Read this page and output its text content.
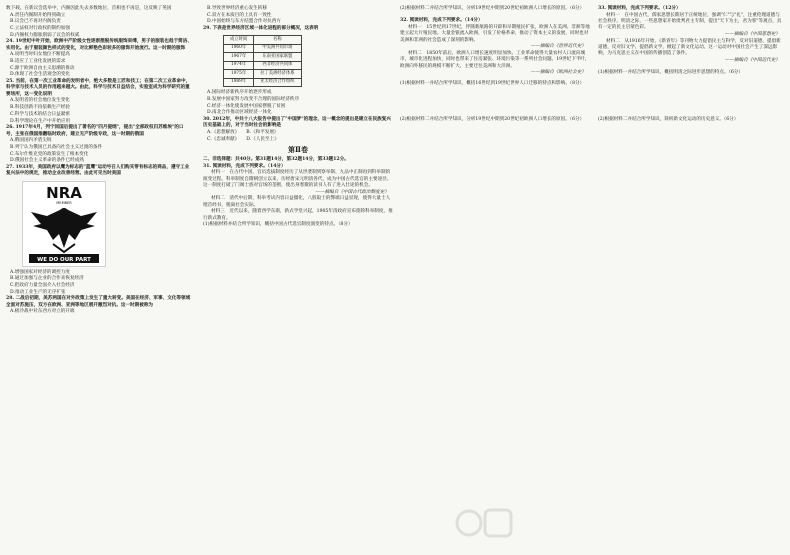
数下载。在新议会选举中，内阁因此失去多数地位，首相也不再是，这反映了英国

A.责任内阁制开始得到确立

B.议会已不再对内阁负责

C.立法权对行政权的制约加强

D.内阁权力膨胀削弱了议会的权威

24. 19世纪中叶开始，欧洲中产阶级女性逐渐摆脱传统服饰束缚，男子的服装也趋于简洁、实用化。由于服装颜色样式的变化，对比鲜艳色彩较多的服饰开始流行。这一时期的服饰

A.说明当时妇女地位不断提高

B.适应了工业化发展的需求

C.源于欧洲自由主义思潮的推动

D.体现了社会生活观念的变化

25. 当前，在第一次工业革命的发明者中，绝大多数是工匠和技工；在第二次工业革命中，科学家与技术人员的作用越来越大。由此，科学与技术日益结合，实验室成为科学研究的重要场所，这一变化说明

A.发明者的社会地位发生变化

B.科技创新不再依赖生产经验

C.科学与技术的结合日益紧密

D.科学理论在生产中开始应用

26. 1917年4月，列宁回国后提出了著名的"四月提纲"，提出"全部政权归苏维埃"的口号，主张在俄国推翻临时政府，建立无产阶级专政，这一时期的俄国

A.俄国国内矛盾尖锐

B.列宁认为俄国已具备向社会主义过渡的条件

C.布尔什维克党的政策发生了根本变化

D.俄国社会主义革命的条件已经成熟

27. 1933年，美国政府以鹰为标志的"蓝鹰"运动号召人们购买带有标志的商品，遵守工业复兴法中的规定，推动企业改善经营。由此可见当时美国

NRA
MEMBER
WE DO OUR PART

A.增强国家对经济的调控力度

B.通过加强与企业的合作来恢复经济

C.把政府力量全面介入社会经济

D.推动工业生产的无序扩张

28. 二战后初期，美苏两国在对外政策上发生了重大转变。美国在经济、军事、文化等领域全面对苏施压，双方在欧洲、亚洲等地区展开激烈对抗。这一时期被称为

A.极冷战中对东西方对立的开端

B.导致世界经济重心发生转移

C.双方在本质目的上具有一致性

D.中国始终与东方结盟合作对抗西方

29. 下表是世界经济区域一体化进程的部分概况，这表明

成立时间	名称
1960年	中美洲共同市场
1967年	东南亚国家联盟
1974年	西非经济共同体
1975年	拉丁美洲经济体系
1989年	亚太经济合作组织

A.国际经济新秩序开始逐步形成

B.发展中国家努力改变不合理的国际经济秩序

C.经济一体化使发展中国家摆脱了贫困

D.南北合作推动区域经济一体化

30. 2012年，中共十八大报告中提出了"中国梦"的理念，这一概念的提出是建立在民族复兴历史基础上的，对于当时社会的影响是

A.《思想解放》　　B.《和平发展》

C.《忠诚奉献》　　D.《人民至上》

第Ⅱ卷

二、非选择题：共40分。第31题14分，第32题14分，第33题12分。

31. 阅读材料，完成下列要求。（14分）

材料一　在古代中国，官员选拔制度经历了从世袭制到察举制、九品中正制再到科举制的演变过程。科举制度自隋朝创立以来，历经唐宋元明清各代，成为中国古代选官的主要途径。这一制度打破了门阀士族对官场的垄断，使出身寒微的读书人有了进入仕途的机会。

——摘编自《中国古代政治制度史》

材料二　清代中后期，科举考试内容日益僵化，八股取士的弊端日益显现，使得大量士人埋首经书，脱离社会实际。

材料三　近代以来，随着西学东渐，新式学堂兴起，1905年清政府宣布废除科举制度，推行新式教育。

(1)根据材料并结合所学知识，概括中国古代选官制度演变的特点。（8分）

(2)根据材料二并结合所学知识，分析19世纪中期到20世纪初欧洲人口增长的原因。（6分）

32. 阅读材料，完成下列要求。（14分）

材料一　15世纪到17世纪，伴随新航路的开辟和早期殖民扩张，欧洲人在美洲、非洲等地建立起大片殖民地。大量金银流入欧洲，引发了价格革命，推动了资本主义的发展，同时也对美洲和非洲的社会造成了深刻的影响。

——摘编自《世界近代史》

材料二　1850年前后，欧洲人口增长速度明显加快。工业革命使得大量农村人口流向城市，城市化进程加快，同时也带来了住房紧张、环境污染等一系列社会问题。19世纪下半叶，欧洲向外移民的规模不断扩大，主要迁往美洲和大洋洲。

——摘编自《欧洲社会史》

(1)根据材料一并结合所学知识，概括16世纪到19世纪世界人口迁移的特点和影响。（8分）

(2)根据材料二并结合所学知识，分析19世纪中期到20世纪初欧洲人口增长的原因。（6分）

33. 阅读材料，完成下列要求。（12分）

材料一　在中国古代，儒家思想长期居于正统地位，强调"仁"与"礼"，注重伦理道德与社会秩序。明清之际，一些思想家开始批判君主专制，提出"天下为主，君为客"等观点，具有一定的民主启蒙色彩。

——摘编自《中国思想史》

材料二　从1916年开始，《新青年》等刊物大力提倡民主与科学，反对旧道德、提倡新道德，反对旧文学、提倡新文学，掀起了新文化运动。这一运动对中国社会产生了深远影响，为马克思主义在中国的传播创造了条件。

——摘编自《中国近代史》

(1)根据材料一并结合所学知识，概括明清之际进步思想的特点。（6分）

(2)根据材料二并结合所学知识，简析新文化运动的历史意义。（6分）
